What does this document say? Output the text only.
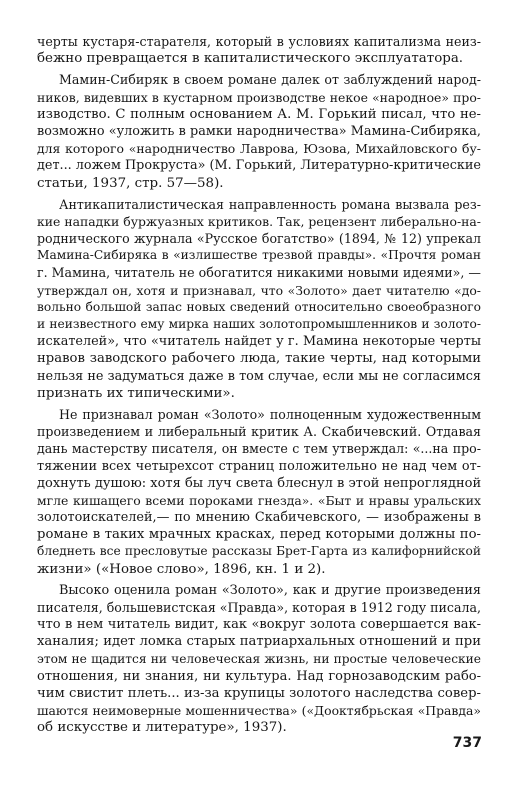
черты кустаря-старателя, который в условиях капитализма неиз-
бежно превращается в капиталистического эксплуататора.

Мамин-Сибиряк в своем романе далек от заблуждений народ-
ников, видевших в кустарном производстве некое «народное» про-
изводство. С полным основанием А. М. Горький писал, что не-
возможно «уложить в рамки народничества» Мамина-Сибиряка,
для которого «народничество Лаврова, Юзова, Михайловского бу-
дет... ложем Прокруста» (М. Горький, Литературно-критические
статьи, 1937, стр. 57—58).

Антикапиталистическая направленность романа вызвала рез-
кие нападки буржуазных критиков. Так, рецензент либерально-на-
роднического журнала «Русское богатство» (1894, № 12) упрекал
Мамина-Сибиряка в «излишестве трезвой правды». «Прочтя роман
г. Мамина, читатель не обогатится никакими новыми идеями», —
утверждал он, хотя и признавал, что «Золото» дает читателю «до-
вольно большой запас новых сведений относительно своеобразного
и неизвестного ему мирка наших золотопромышленников и золото-
искателей», что «читатель найдет у г. Мамина некоторые черты
нравов заводского рабочего люда, такие черты, над которыми
нельзя не задуматься даже в том случае, если мы не согласимся
признать их типическими».

Не признавал роман «Золото» полноценным художественным
произведением и либеральный критик А. Скабичевский. Отдавая
дань мастерству писателя, он вместе с тем утверждал: «...на про-
тяжении всех четырехсот страниц положительно не над чем от-
дохнуть душою: хотя бы луч света блеснул в этой непроглядной
мгле кишащего всеми пороками гнезда». «Быт и нравы уральских
золотоискателей,— по мнению Скабичевского, — изображены в
романе в таких мрачных красках, перед которыми должны по-
бледнеть все пресловутые рассказы Брет-Гарта из калифорнийской
жизни» («Новое слово», 1896, кн. 1 и 2).

Высоко оценила роман «Золото», как и другие произведения
писателя, большевистская «Правда», которая в 1912 году писала,
что в нем читатель видит, как «вокруг золота совершается вак-
ханалия; идет ломка старых патриархальных отношений и при
этом не щадится ни человеческая жизнь, ни простые человеческие
отношения, ни знания, ни культура. Над горнозаводским рабо-
чим свистит плеть... из-за крупицы золотого наследства совер-
шаются неимоверные мошенничества» («Дооктябрьская «Правда»
об искусстве и литературе», 1937).

737
